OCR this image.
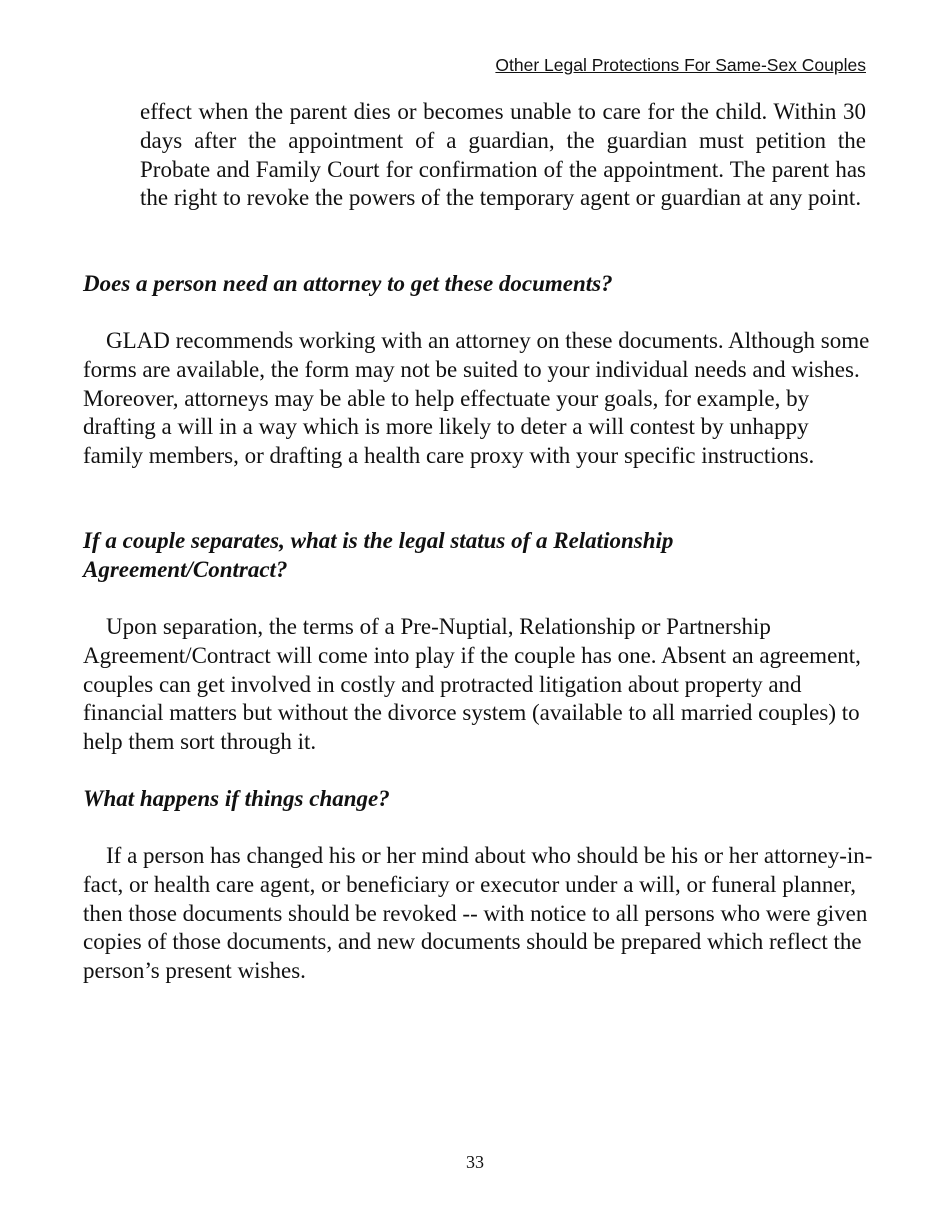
Other Legal Protections For Same-Sex Couples

effect when the parent dies or becomes unable to care for the child. Within 30 days after the appointment of a guardian, the guardian must petition the Probate and Family Court for confirmation of the appointment. The parent has the right to revoke the powers of the temporary agent or guardian at any point.

Does a person need an attorney to get these documents?

GLAD recommends working with an attorney on these documents. Although some forms are available, the form may not be suited to your individual needs and wishes. Moreover, attorneys may be able to help effectuate your goals, for example, by drafting a will in a way which is more likely to deter a will contest by unhappy family members, or drafting a health care proxy with your specific instructions.

If a couple separates, what is the legal status of a Relationship Agreement/Contract?

Upon separation, the terms of a Pre-Nuptial, Relationship or Partnership Agreement/Contract will come into play if the couple has one. Absent an agreement, couples can get involved in costly and protracted litigation about property and financial matters but without the divorce system (available to all married couples) to help them sort through it.

What happens if things change?

If a person has changed his or her mind about who should be his or her attorney-in-fact, or health care agent, or beneficiary or executor under a will, or funeral planner, then those documents should be revoked -- with notice to all persons who were given copies of those documents, and new documents should be prepared which reflect the person’s present wishes.

33
